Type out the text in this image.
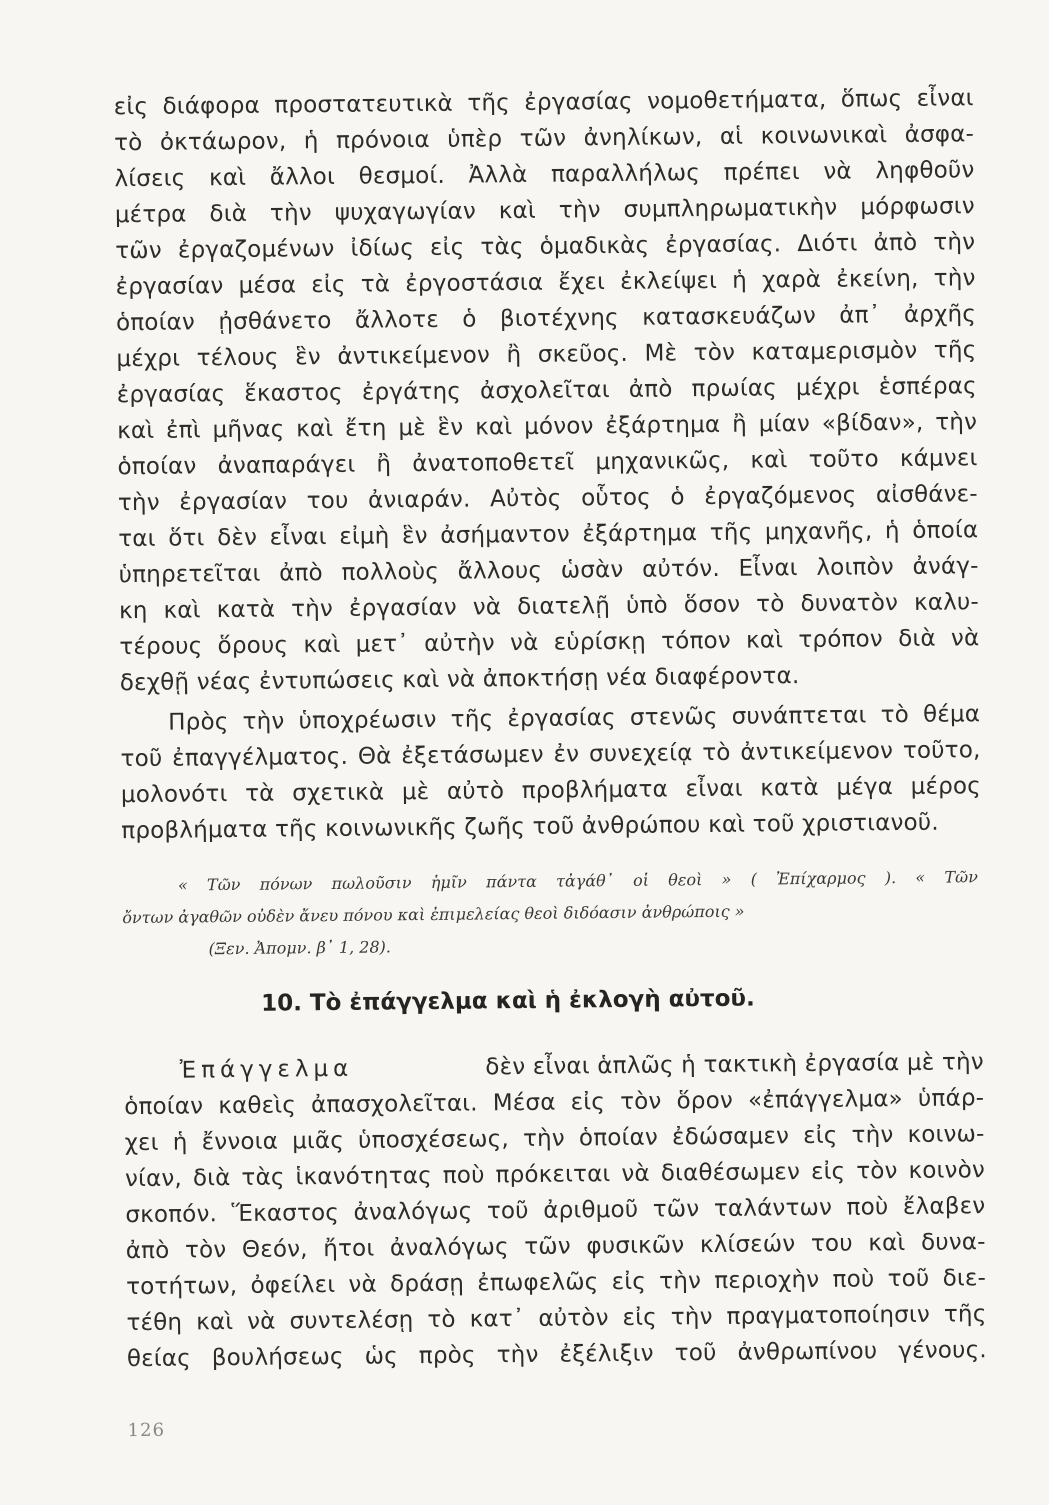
εἰς διάφορα προστατευτικὰ τῆς ἐργασίας νομοθετήματα, ὅπως εἶναι
τὸ ὀκτάωρον, ἡ πρόνοια ὑπὲρ τῶν ἀνηλίκων, αἱ κοινωνικαὶ ἀσφα-
λίσεις καὶ ἄλλοι θεσμοί. Ἀλλὰ παραλλήλως πρέπει νὰ ληφθοῦν
μέτρα διὰ τὴν ψυχαγωγίαν καὶ τὴν συμπληρωματικὴν μόρφωσιν
τῶν ἐργαζομένων ἰδίως εἰς τὰς ὁμαδικὰς ἐργασίας. Διότι ἀπὸ τὴν
ἐργασίαν μέσα εἰς τὰ ἐργοστάσια ἔχει ἐκλείψει ἡ χαρὰ ἐκείνη, τὴν
ὁποίαν ᾐσθάνετο ἄλλοτε ὁ βιοτέχνης κατασκευάζων ἀπ᾽ ἀρχῆς
μέχρι τέλους ἓν ἀντικείμενον ἢ σκεῦος. Μὲ τὸν καταμερισμὸν τῆς
ἐργασίας ἕκαστος ἐργάτης ἀσχολεῖται ἀπὸ πρωίας μέχρι ἑσπέρας
καὶ ἐπὶ μῆνας καὶ ἔτη μὲ ἓν καὶ μόνον ἐξάρτημα ἢ μίαν «βίδαν», τὴν
ὁποίαν ἀναπαράγει ἢ ἀνατοποθετεῖ μηχανικῶς, καὶ τοῦτο κάμνει
τὴν ἐργασίαν του ἀνιαράν. Αὐτὸς οὗτος ὁ ἐργαζόμενος αἰσθάνε-
ται ὅτι δὲν εἶναι εἰμὴ ἓν ἀσήμαντον ἐξάρτημα τῆς μηχανῆς, ἡ ὁποία
ὑπηρετεῖται ἀπὸ πολλοὺς ἄλλους ὡσὰν αὐτόν. Εἶναι λοιπὸν ἀνάγ-
κη καὶ κατὰ τὴν ἐργασίαν νὰ διατελῇ ὑπὸ ὅσον τὸ δυνατὸν καλυ-
τέρους ὅρους καὶ μετ᾽ αὐτὴν νὰ εὑρίσκῃ τόπον καὶ τρόπον διὰ νὰ
δεχθῇ νέας ἐντυπώσεις καὶ νὰ ἀποκτήσῃ νέα διαφέροντα.
Πρὸς τὴν ὑποχρέωσιν τῆς ἐργασίας στενῶς συνάπτεται τὸ θέμα
τοῦ ἐπαγγέλματος. Θὰ ἐξετάσωμεν ἐν συνεχείᾳ τὸ ἀντικείμενον τοῦτο,
μολονότι τὰ σχετικὰ μὲ αὐτὸ προβλήματα εἶναι κατὰ μέγα μέρος
προβλήματα τῆς κοινωνικῆς ζωῆς τοῦ ἀνθρώπου καὶ τοῦ χριστιανοῦ.
« Τῶν πόνων πωλοῦσιν ἡμῖν πάντα τἀγάθ᾽ οἱ θεοὶ » ( Ἐπίχαρμος ). « Τῶν
ὄντων ἀγαθῶν οὐδὲν ἄνευ πόνου καὶ ἐπιμελείας θεοὶ διδόασιν ἀνθρώποις »
(Ξεν. Ἀπομν. β᾽ 1, 28).
10. Τὸ ἐπάγγελμα καὶ ἡ ἐκλογὴ αὐτοῦ.
Ἐπάγγελμα	δὲν εἶναι ἁπλῶς ἡ τακτικὴ ἐργασία μὲ τὴν
ὁποίαν καθεὶς ἀπασχολεῖται. Μέσα εἰς τὸν ὅρον «ἐπάγγελμα» ὑπάρ-
χει ἡ ἔννοια μιᾶς ὑποσχέσεως, τὴν ὁποίαν ἐδώσαμεν εἰς τὴν κοινω-
νίαν, διὰ τὰς ἱκανότητας ποὺ πρόκειται νὰ διαθέσωμεν εἰς τὸν κοινὸν
σκοπόν. Ἕκαστος ἀναλόγως τοῦ ἀριθμοῦ τῶν ταλάντων ποὺ ἔλαβεν
ἀπὸ τὸν Θεόν, ἤτοι ἀναλόγως τῶν φυσικῶν κλίσεών του καὶ δυνα-
τοτήτων, ὀφείλει νὰ δράσῃ ἐπωφελῶς εἰς τὴν περιοχὴν ποὺ τοῦ διε-
τέθη καὶ νὰ συντελέσῃ τὸ κατ᾽ αὐτὸν εἰς τὴν πραγματοποίησιν τῆς
θείας βουλήσεως ὡς πρὸς τὴν ἐξέλιξιν τοῦ ἀνθρωπίνου γένους.
126
